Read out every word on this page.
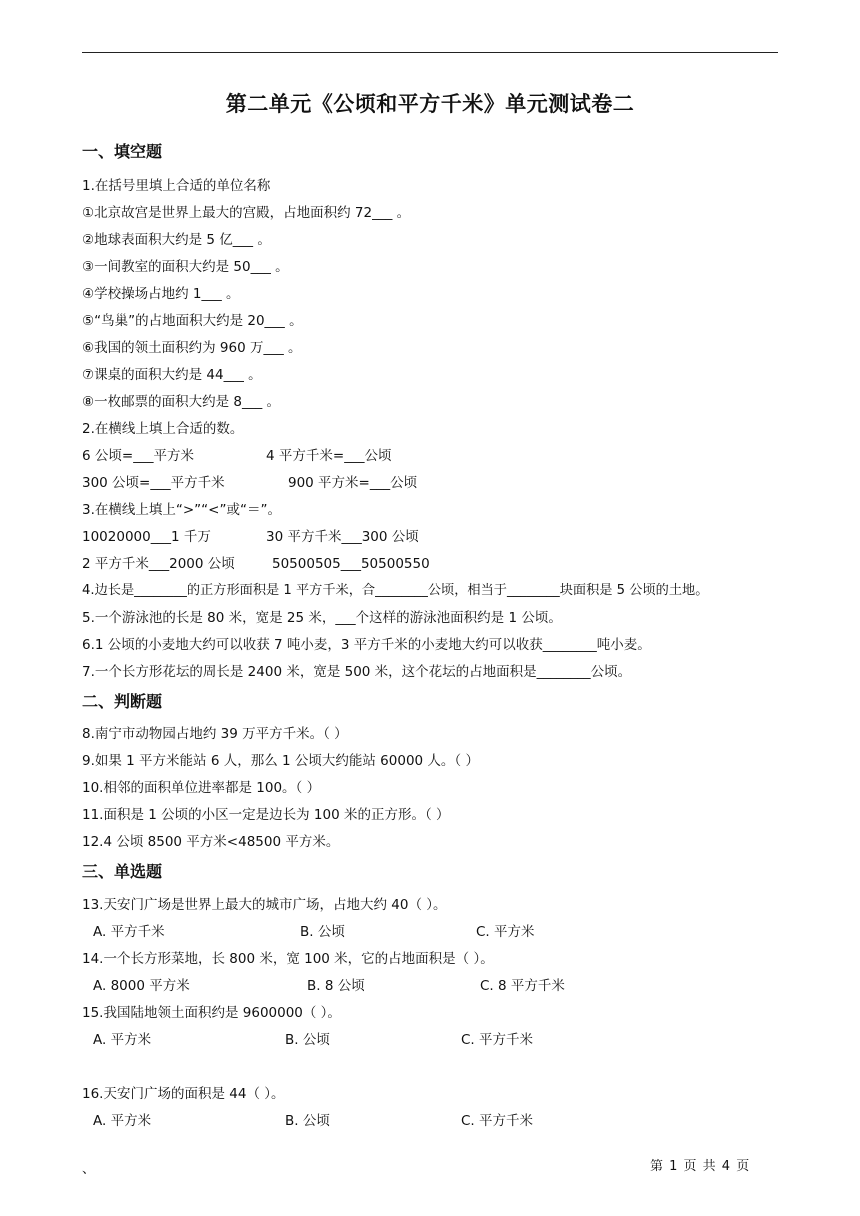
第二单元《公顷和平方千米》单元测试卷二
一、填空题
1.在括号里填上合适的单位名称
①北京故宫是世界上最大的宫殿，占地面积约 72___ 。
②地球表面积大约是 5 亿___ 。
③一间教室的面积大约是 50___ 。
④学校操场占地约 1___ 。
⑤“鸟巢”的占地面积大约是 20___ 。
⑥我国的领土面积约为 960 万___ 。
⑦课桌的面积大约是 44___ 。
⑧一枚邮票的面积大约是 8___ 。
2.在横线上填上合适的数。
6 公顷=___平方米	4 平方千米=___公顷
300 公顷=___平方千米	900 平方米=___公顷
3.在横线上填上“>”“<”或“＝”。
10020000___1 千万	30 平方千米___300 公顷
2 平方千米___2000 公顷	50500505___50500550
4.边长是________的正方形面积是 1 平方千米，合________公顷，相当于________块面积是 5 公顷的土地。
5.一个游泳池的长是 80 米，宽是 25 米，___个这样的游泳池面积约是 1 公顷。
6.1 公顷的小麦地大约可以收获 7 吨小麦，3 平方千米的小麦地大约可以收获________吨小麦。
7.一个长方形花坛的周长是 2400 米，宽是 500 米，这个花坛的占地面积是________公顷。
二、判断题
8.南宁市动物园占地约 39 万平方千米。（ ）
9.如果 1 平方米能站 6 人，那么 1 公顷大约能站 60000 人。（ ）
10.相邻的面积单位进率都是 100。（ ）
11.面积是 1 公顷的小区一定是边长为 100 米的正方形。（ ）
12.4 公顷 8500 平方米<48500 平方米。
三、单选题
13.天安门广场是世界上最大的城市广场，占地大约 40（ ）。
A. 平方千米	B. 公顷	C. 平方米
14.一个长方形菜地，长 800 米，宽 100 米，它的占地面积是（ ）。
A. 8000 平方米	B. 8 公顷	C. 8 平方千米
15.我国陆地领土面积约是 9600000（ ）。
A. 平方米	B. 公顷	C. 平方千米
16.天安门广场的面积是 44（ ）。
A. 平方米	B. 公顷	C. 平方千米
、	第 1 页 共 4 页
